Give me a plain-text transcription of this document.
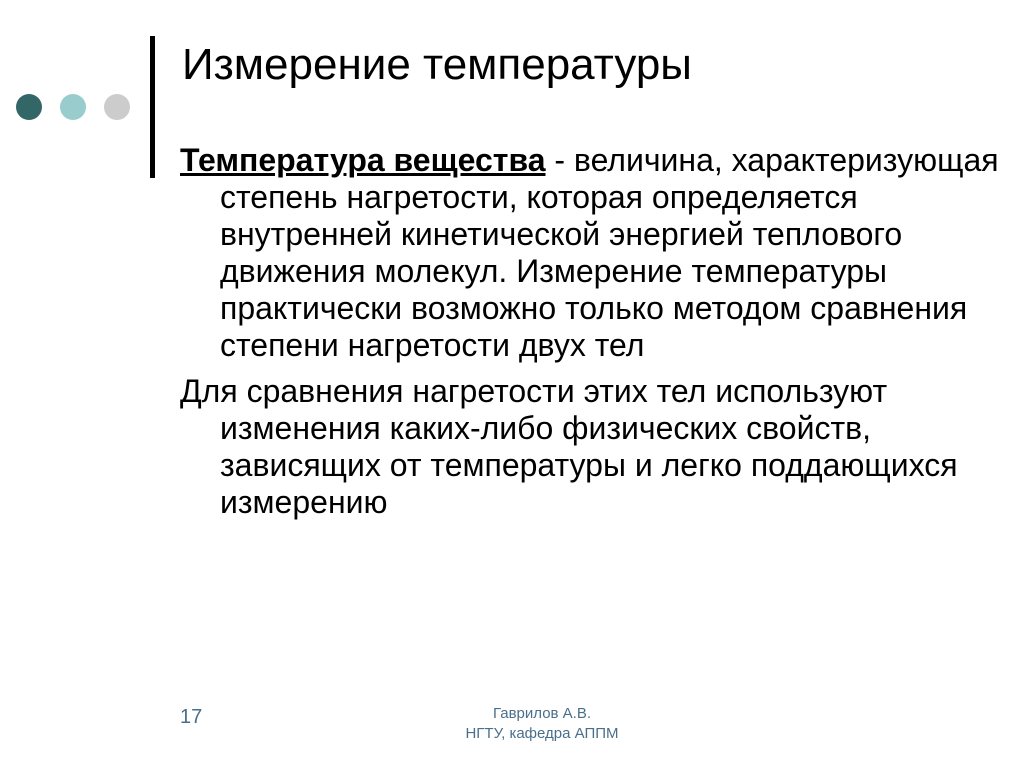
Измерение температуры

Температура вещества - величина, характеризующая степень нагретости, которая определяется внутренней кинетической энергией теплового движения молекул. Измерение температуры практически возможно только методом сравнения степени нагретости двух тел

Для сравнения нагретости этих тел используют изменения каких-либо физических свойств, зависящих от температуры и легко поддающихся измерению

17	Гаврилов А.В.
НГТУ, кафедра АППМ
